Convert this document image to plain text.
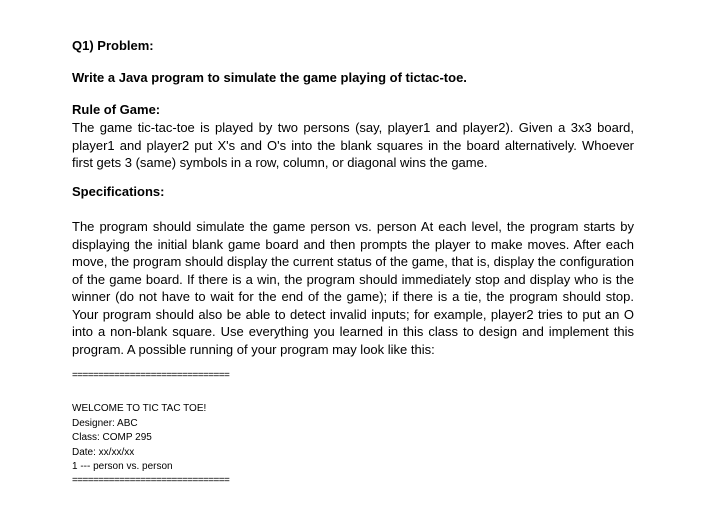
Q1) Problem:

Write a Java program to simulate the game playing of tictac-toe.

Rule of Game:

The game tic-tac-toe is played by two persons (say, player1 and player2). Given a 3x3 board, player1 and player2 put X's and O's into the blank squares in the board alternatively. Whoever first gets 3 (same) symbols in a row, column, or diagonal wins the game.

Specifications:

The program should simulate the game person vs. person At each level, the program starts by displaying the initial blank game board and then prompts the player to make moves. After each move, the program should display the current status of the game, that is, display the configuration of the game board. If there is a win, the program should immediately stop and display who is the winner (do not have to wait for the end of the game); if there is a tie, the program should stop. Your program should also be able to detect invalid inputs; for example, player2 tries to put an O into a non-blank square. Use everything you learned in this class to design and implement this program. A possible running of your program may look like this:

==============================

WELCOME TO TIC TAC TOE!

Designer: ABC

Class: COMP 295

Date: xx/xx/xx

1 --- person vs. person

==============================
